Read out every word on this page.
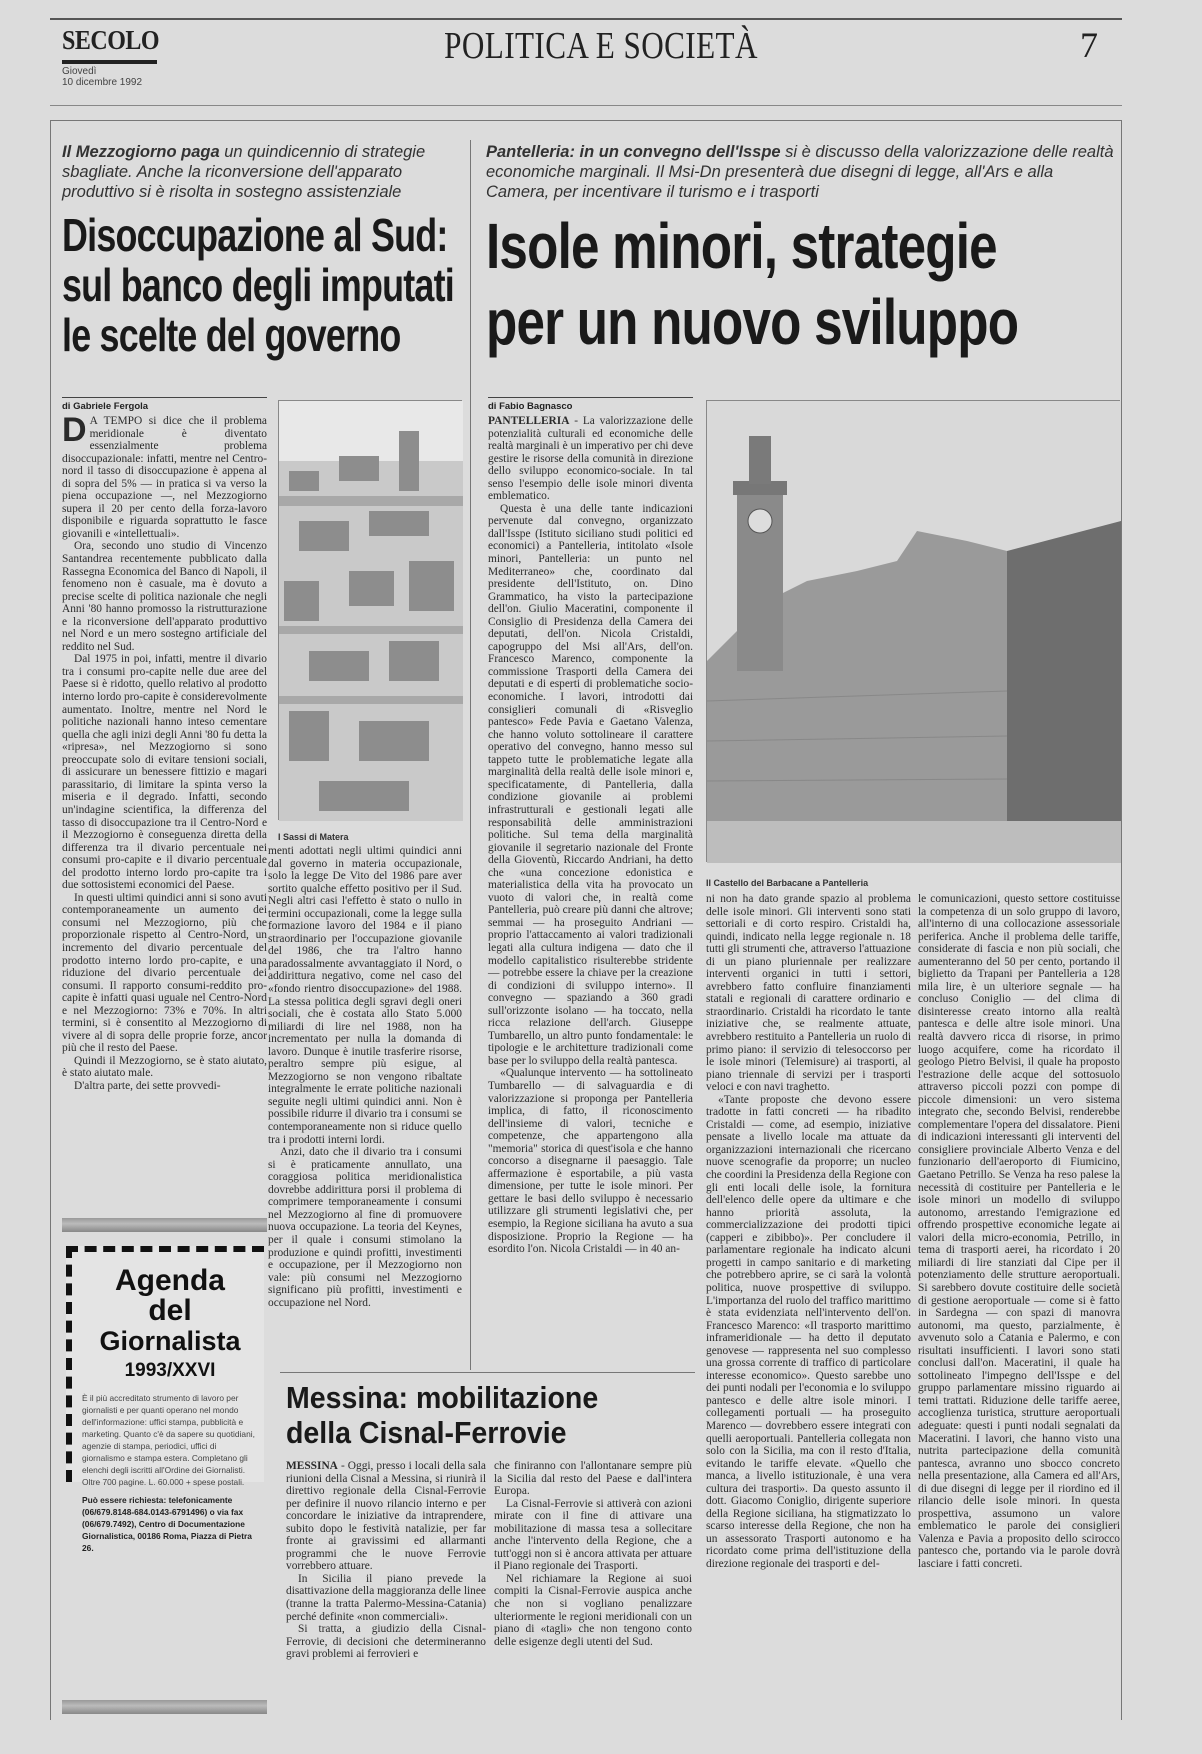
SECOLO
Giovedì
10 dicembre 1992
POLITICA E SOCIETÀ	7
Il Mezzogiorno paga un quindicennio di strategie sbagliate. Anche la riconversione dell'apparato produttivo si è risolta in sostegno assistenziale
Disoccupazione al Sud:
sul banco degli imputati
le scelte del governo
di Gabriele Fergola

D A TEMPO si dice che il problema meridionale è diventato essenzialmente problema disoccupazionale: infatti, mentre nel Centro-nord il tasso di disoccupazione è appena al di sopra del 5% — in pratica si va verso la piena occupazione —, nel Mezzogiorno supera il 20 per cento della forza-lavoro disponibile e riguarda soprattutto le fasce giovanili e «intellettuali».

Ora, secondo uno studio di Vincenzo Santandrea recentemente pubblicato dalla Rassegna Economica del Banco di Napoli, il fenomeno non è casuale, ma è dovuto a precise scelte di politica nazionale che negli Anni '80 hanno promosso la ristrutturazione e la riconversione dell'apparato produttivo nel Nord e un mero sostegno artificiale del reddito nel Sud.

Dal 1975 in poi, infatti, mentre il divario tra i consumi pro-capite nelle due aree del Paese si è ridotto, quello relativo al prodotto interno lordo pro-capite è considerevolmente aumentato. Inoltre, mentre nel Nord le politiche nazionali hanno inteso cementare quella che agli inizi degli Anni '80 fu detta la «ripresa», nel Mezzogiorno si sono preoccupate solo di evitare tensioni sociali, di assicurare un benessere fittizio e magari parassitario, di limitare la spinta verso la miseria e il degrado. Infatti, secondo un'indagine scientifica, la differenza del tasso di disoccupazione tra il Centro-Nord e il Mezzogiorno è conseguenza diretta della differenza tra il divario percentuale nei consumi pro-capite e il divario percentuale del prodotto interno lordo pro-capite tra i due sottosistemi economici del Paese.

In questi ultimi quindici anni si sono avuti contemporaneamente un aumento dei consumi nel Mezzogiorno, più che proporzionale rispetto al Centro-Nord, un incremento del divario percentuale del prodotto interno lordo pro-capite, e una riduzione del divario percentuale dei consumi. Il rapporto consumi-reddito pro-capite è infatti quasi uguale nel Centro-Nord e nel Mezzogiorno: 73% e 70%. In altri termini, si è consentito al Mezzogiorno di vivere al di sopra delle proprie forze, ancor più che il resto del Paese.

Quindi il Mezzogiorno, se è stato aiutato, è stato aiutato male.

D'altra parte, dei sette provvedi-

I Sassi di Matera

menti adottati negli ultimi quindici anni dal governo in materia occupazionale, solo la legge De Vito del 1986 pare aver sortito qualche effetto positivo per il Sud. Negli altri casi l'effetto è stato o nullo in termini occupazionali, come la legge sulla formazione lavoro del 1984 e il piano straordinario per l'occupazione giovanile del 1986, che tra l'altro hanno paradossalmente avvantaggiato il Nord, o addirittura negativo, come nel caso del «fondo rientro disoccupazione» del 1988. La stessa politica degli sgravi degli oneri sociali, che è costata allo Stato 5.000 miliardi di lire nel 1988, non ha incrementato per nulla la domanda di lavoro. Dunque è inutile trasferire risorse, peraltro sempre più esigue, al Mezzogiorno se non vengono ribaltate integralmente le errate politiche nazionali seguite negli ultimi quindici anni. Non è possibile ridurre il divario tra i consumi se contemporaneamente non si riduce quello tra i prodotti interni lordi.

Anzi, dato che il divario tra i consumi si è praticamente annullato, una coraggiosa politica meridionalistica dovrebbe addirittura porsi il problema di comprimere temporaneamente i consumi nel Mezzogiorno al fine di promuovere nuova occupazione. La teoria del Keynes, per il quale i consumi stimolano la produzione e quindi profitti, investimenti e occupazione, per il Mezzogiorno non vale: più consumi nel Mezzogiorno significano più profitti, investimenti e occupazione nel Nord.

Agenda
del
Giornalista
1993/XXVI
È il più accreditato strumento di lavoro per giornalisti e per quanti operano nel mondo dell'informazione: uffici stampa, pubblicità e marketing. Quanto c'è da sapere su quotidiani, agenzie di stampa, periodici, uffici di giornalismo e stampa estera. Completano gli elenchi degli iscritti all'Ordine dei Giornalisti. Oltre 700 pagine. L. 60.000 + spese postali.
Può essere richiesta: telefonicamente (06/679.8148-684.0143-6791496) o via fax (06/679.7492), Centro di Documentazione Giornalistica, 00186 Roma, Piazza di Pietra 26.
Pantelleria: in un convegno dell'Isspe si è discusso della valorizzazione delle realtà economiche marginali. Il Msi-Dn presenterà due disegni di legge, all'Ars e alla Camera, per incentivare il turismo e i trasporti
Isole minori, strategie
per un nuovo sviluppo
di Fabio Bagnasco

PANTELLERIA - La valorizzazione delle potenzialità culturali ed economiche delle realtà marginali è un imperativo per chi deve gestire le risorse della comunità in direzione dello sviluppo economico-sociale. In tal senso l'esempio delle isole minori diventa emblematico.

Questa è una delle tante indicazioni pervenute dal convegno, organizzato dall'Isspe (Istituto siciliano studi politici ed economici) a Pantelleria, intitolato «Isole minori, Pantelleria: un punto nel Mediterraneo» che, coordinato dal presidente dell'Istituto, on. Dino Grammatico, ha visto la partecipazione dell'on. Giulio Maceratini, componente il Consiglio di Presidenza della Camera dei deputati, dell'on. Nicola Cristaldi, capogruppo del Msi all'Ars, dell'on. Francesco Marenco, componente la commissione Trasporti della Camera dei deputati e di esperti di problematiche socio-economiche. I lavori, introdotti dai consiglieri comunali di «Risveglio pantesco» Fede Pavia e Gaetano Valenza, che hanno voluto sottolineare il carattere operativo del convegno, hanno messo sul tappeto tutte le problematiche legate alla marginalità della realtà delle isole minori e, specificatamente, di Pantelleria, dalla condizione giovanile ai problemi infrastrutturali e gestionali legati alle responsabilità delle amministrazioni politiche. Sul tema della marginalità giovanile il segretario nazionale del Fronte della Gioventù, Riccardo Andriani, ha detto che «una concezione edonistica e materialistica della vita ha provocato un vuoto di valori che, in realtà come Pantelleria, può creare più danni che altrove; semmai — ha proseguito Andriani — proprio l'attaccamento ai valori tradizionali legati alla cultura indigena — dato che il modello capitalistico risulterebbe stridente — potrebbe essere la chiave per la creazione di condizioni di sviluppo interno». Il convegno — spaziando a 360 gradi sull'orizzonte isolano — ha toccato, nella ricca relazione dell'arch. Giuseppe Tumbarello, un altro punto fondamentale: le tipologie e le architetture tradizionali come base per lo sviluppo della realtà pantesca.

«Qualunque intervento — ha sottolineato Tumbarello — di salvaguardia e di valorizzazione si proponga per Pantelleria implica, di fatto, il riconoscimento dell'insieme di valori, tecniche e competenze, che appartengono alla "memoria" storica di quest'isola e che hanno concorso a disegnarne il paesaggio. Tale affermazione è esportabile, a più vasta dimensione, per tutte le isole minori. Per gettare le basi dello sviluppo è necessario utilizzare gli strumenti legislativi che, per esempio, la Regione siciliana ha avuto a sua disposizione. Proprio la Regione — ha esordito l'on. Nicola Cristaldi — in 40 an-

Il Castello del Barbacane a Pantelleria

ni non ha dato grande spazio al problema delle isole minori. Gli interventi sono stati settoriali e di corto respiro. Cristaldi ha, quindi, indicato nella legge regionale n. 18 tutti gli strumenti che, attraverso l'attuazione di un piano pluriennale per realizzare interventi organici in tutti i settori, avrebbero fatto confluire finanziamenti statali e regionali di carattere ordinario e straordinario. Cristaldi ha ricordato le tante iniziative che, se realmente attuate, avrebbero restituito a Pantelleria un ruolo di primo piano: il servizio di telesoccorso per le isole minori (Telemisure) ai trasporti, al piano triennale di servizi per i trasporti veloci e con navi traghetto.

«Tante proposte che devono essere tradotte in fatti concreti — ha ribadito Cristaldi — come, ad esempio, iniziative pensate a livello locale ma attuate da organizzazioni internazionali che ricercano nuove scenografie da proporre; un nucleo che coordini la Presidenza della Regione con gli enti locali delle isole, la fornitura dell'elenco delle opere da ultimare e che hanno priorità assoluta, la commercializzazione dei prodotti tipici (capperi e zibibbo)». Per concludere il parlamentare regionale ha indicato alcuni progetti in campo sanitario e di marketing che potrebbero aprire, se ci sarà la volontà politica, nuove prospettive di sviluppo. L'importanza del ruolo del traffico marittimo è stata evidenziata nell'intervento dell'on. Francesco Marenco: «Il trasporto marittimo inframeridionale — ha detto il deputato genovese — rappresenta nel suo complesso una grossa corrente di traffico di particolare interesse economico». Questo sarebbe uno dei punti nodali per l'economia e lo sviluppo pantesco e delle altre isole minori. I collegamenti portuali — ha proseguito Marenco — dovrebbero essere integrati con quelli aeroportuali. Pantelleria collegata non solo con la Sicilia, ma con il resto d'Italia, evitando le tariffe elevate. «Quello che manca, a livello istituzionale, è una vera cultura dei trasporti». Da questo assunto il dott. Giacomo Coniglio, dirigente superiore della Regione siciliana, ha stigmatizzato lo scarso interesse della Regione, che non ha un assessorato Trasporti autonomo e ha ricordato come prima dell'istituzione della direzione regionale dei trasporti e del-

le comunicazioni, questo settore costituisse la competenza di un solo gruppo di lavoro, all'interno di una collocazione assessoriale periferica. Anche il problema delle tariffe, considerate di fascia e non più sociali, che aumenteranno del 50 per cento, portando il biglietto da Trapani per Pantelleria a 128 mila lire, è un ulteriore segnale — ha concluso Coniglio — del clima di disinteresse creato intorno alla realtà pantesca e delle altre isole minori. Una realtà davvero ricca di risorse, in primo luogo acquifere, come ha ricordato il geologo Pietro Belvisi, il quale ha proposto l'estrazione delle acque del sottosuolo attraverso piccoli pozzi con pompe di piccole dimensioni: un vero sistema integrato che, secondo Belvisi, renderebbe complementare l'opera del dissalatore. Pieni di indicazioni interessanti gli interventi del consigliere provinciale Alberto Venza e del funzionario dell'aeroporto di Fiumicino, Gaetano Petrillo. Se Venza ha reso palese la necessità di costituire per Pantelleria e le isole minori un modello di sviluppo autonomo, arrestando l'emigrazione ed offrendo prospettive economiche legate ai valori della micro-economia, Petrillo, in tema di trasporti aerei, ha ricordato i 20 miliardi di lire stanziati dal Cipe per il potenziamento delle strutture aeroportuali. Si sarebbero dovute costituire delle società di gestione aeroportuale — come si è fatto in Sardegna — con spazi di manovra autonomi, ma questo, parzialmente, è avvenuto solo a Catania e Palermo, e con risultati insufficienti. I lavori sono stati conclusi dall'on. Maceratini, il quale ha sottolineato l'impegno dell'Isspe e del gruppo parlamentare missino riguardo ai temi trattati. Riduzione delle tariffe aeree, accoglienza turistica, strutture aeroportuali adeguate: questi i punti nodali segnalati da Maceratini. I lavori, che hanno visto una nutrita partecipazione della comunità pantesca, avranno uno sbocco concreto nella presentazione, alla Camera ed all'Ars, di due disegni di legge per il riordino ed il rilancio delle isole minori. In questa prospettiva, assumono un valore emblematico le parole dei consiglieri Valenza e Pavia a proposito dello scirocco pantesco che, portando via le parole dovrà lasciare i fatti concreti.

Messina: mobilitazione
della Cisnal-Ferrovie

MESSINA - Oggi, presso i locali della sala riunioni della Cisnal a Messina, si riunirà il direttivo regionale della Cisnal-Ferrovie per definire il nuovo rilancio interno e per concordare le iniziative da intraprendere, subito dopo le festività natalizie, per far fronte ai gravissimi ed allarmanti programmi che le nuove Ferrovie vorrebbero attuare.

In Sicilia il piano prevede la disattivazione della maggioranza delle linee (tranne la tratta Palermo-Messina-Catania) perché definite «non commerciali».

Si tratta, a giudizio della Cisnal-Ferrovie, di decisioni che determineranno gravi problemi ai ferrovieri e

che finiranno con l'allontanare sempre più la Sicilia dal resto del Paese e dall'intera Europa.

La Cisnal-Ferrovie si attiverà con azioni mirate con il fine di attivare una mobilitazione di massa tesa a sollecitare anche l'intervento della Regione, che a tutt'oggi non si è ancora attivata per attuare il Piano regionale dei Trasporti.

Nel richiamare la Regione ai suoi compiti la Cisnal-Ferrovie auspica anche che non si vogliano penalizzare ulteriormente le regioni meridionali con un piano di «tagli» che non tengono conto delle esigenze degli utenti del Sud.
